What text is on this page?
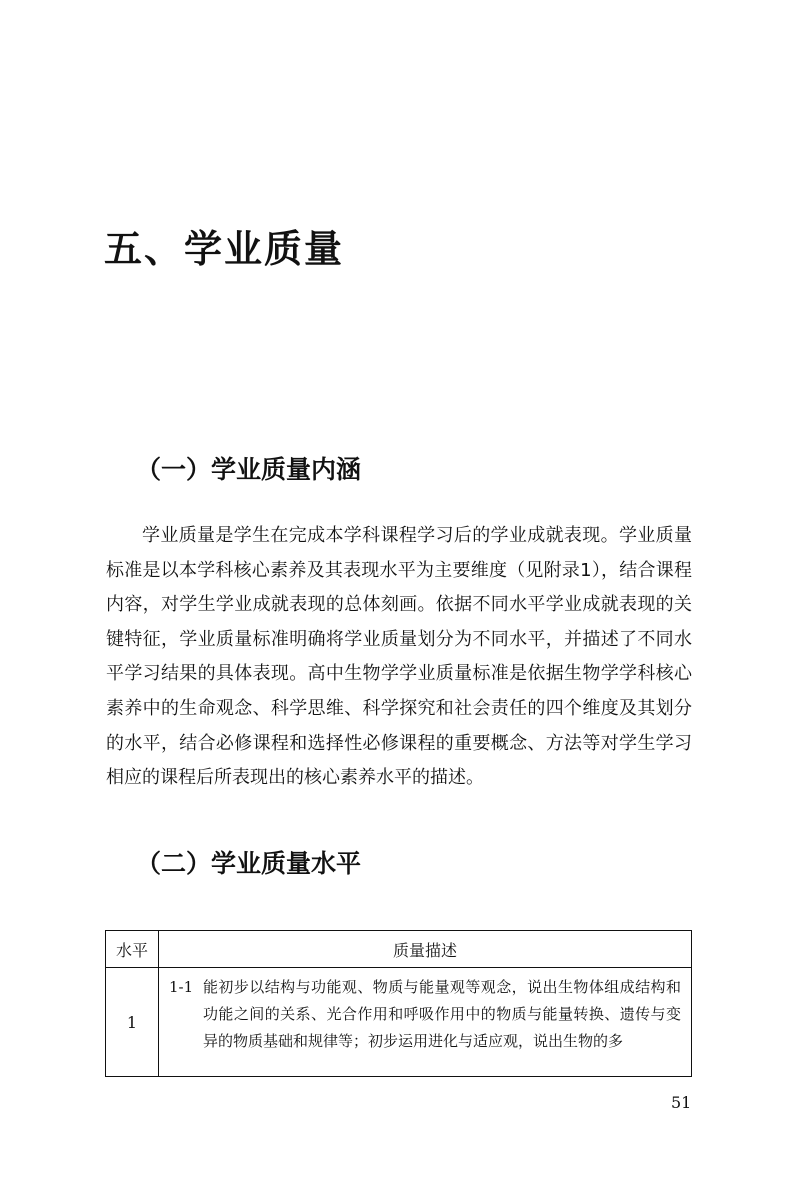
五、学业质量
（一）学业质量内涵

学业质量是学生在完成本学科课程学习后的学业成就表现。学业质量标准是以本学科核心素养及其表现水平为主要维度（见附录1），结合课程内容，对学生学业成就表现的总体刻画。依据不同水平学业成就表现的关键特征，学业质量标准明确将学业质量划分为不同水平，并描述了不同水平学习结果的具体表现。高中生物学学业质量标准是依据生物学学科核心素养中的生命观念、科学思维、科学探究和社会责任的四个维度及其划分的水平，结合必修课程和选择性必修课程的重要概念、方法等对学生学习相应的课程后所表现出的核心素养水平的描述。

（二）学业质量水平
水平	质量描述
1	1-1 能初步以结构与功能观、物质与能量观等观念，说出生物体组成结构和功能之间的关系、光合作用和呼吸作用中的物质与能量转换、遗传与变异的物质基础和规律等；初步运用进化与适应观，说出生物的多
51
